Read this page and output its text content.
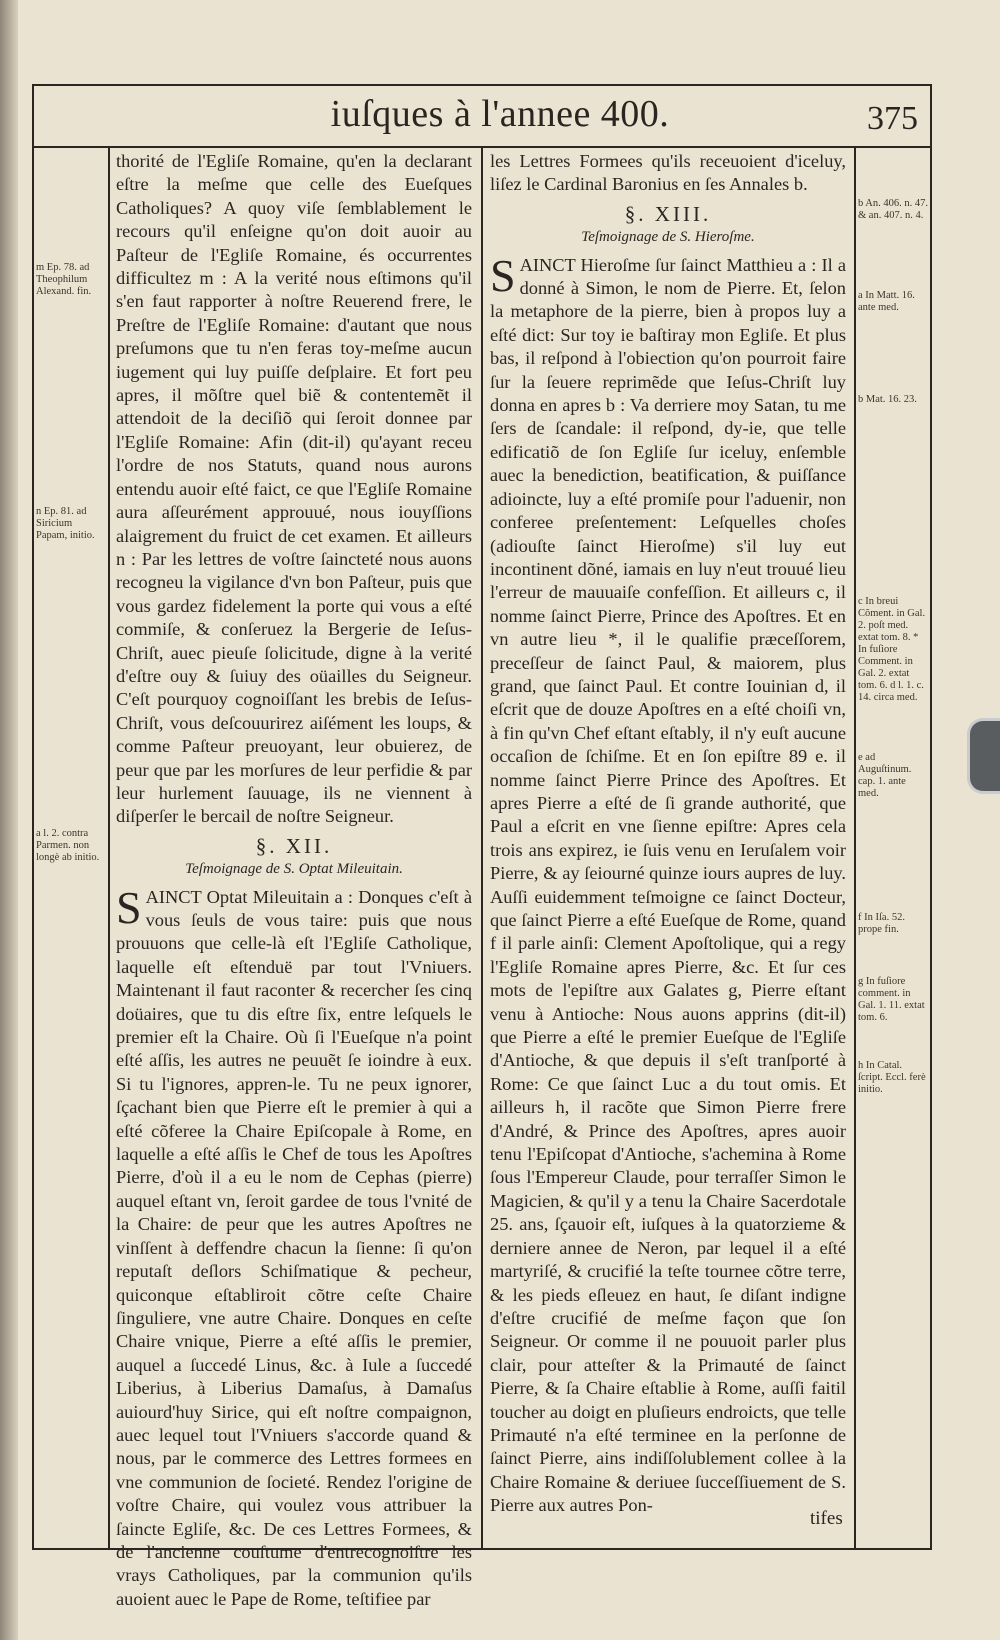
iuſques à l'annee 400.	375
m Ep. 78. ad Theophilum Alexand. fin.
n Ep. 81. ad Siricium Papam, initio.
a l. 2. contra Parmen. non longè ab initio.

thorité de l'Egliſe Romaine, qu'en la declarant eſtre la meſme que celle des Eueſques Catholiques? A quoy viſe ſemblablement le recours qu'il enſeigne qu'on doit auoir au Paſteur de l'Egliſe Romaine, és occurrentes difficultez m : A la verité nous eſtimons qu'il s'en faut rapporter à noſtre Reuerend frere, le Preſtre de l'Egliſe Romaine: d'autant que nous preſumons que tu n'en feras toy-meſme aucun iugement qui luy puiſſe deſplaire. Et fort peu apres, il mõſtre quel biẽ & contentemẽt il attendoit de la deciſiõ qui ſeroit donnee par l'Egliſe Romaine: Afin (dit-il) qu'ayant receu l'ordre de nos Statuts, quand nous aurons entendu auoir eſté faict, ce que l'Egliſe Romaine aura aſſeurément approuué, nous iouyſſions alaigrement du fruict de cet examen. Et ailleurs n : Par les lettres de voſtre ſainctеté nous auons recognеu la vigilance d'vn bon Paſteur, puis que vous gardez fidelement la porte qui vous a eſté commiſe, & conſeruez la Bergerie de Ieſus-Chriſt, auec pieuſe ſolicitude, digne à la verité d'eſtre ouy & ſuiuy des oüailles du Seigneur. C'eſt pourquoy cognoiſſant les brebis de Ieſus-Chriſt, vous deſcouurirez aiſément les loups, & comme Paſteur preuoyant, leur obuierez, de peur que par les morſures de leur perfidie & par leur hurlement ſauuage, ils ne viennent à diſperſer le bercail de noſtre Seigneur.

§. XII.
Teſmoignage de S. Optat Mileuitain.

SAINCT Optat Mileuitain a : Donques c'eſt à vous ſeuls de vous taire: puis que nous prouuons que celle-là eſt l'Egliſe Catholique, laquelle eſt eſtenduë par tout l'Vniuers. Maintenant il faut raconter & recercher ſes cinq doüaires, que tu dis eſtre ſix, entre leſquels le premier eſt la Chaire. Où ſi l'Eueſque n'a point eſté aſſis, les autres ne peuuẽt ſe ioindre à eux. Si tu l'ignores, appren-le. Tu ne peux ignorer, ſçachant bien que Pierre eſt le premier à qui a eſté cõferee la Chaire Epiſcopale à Rome, en laquelle a eſté aſſis le Chef de tous les Apoſtres Pierre, d'où il a eu le nom de Cephas (pierre) auquel eſtant vn, ſeroit gardee de tous l'vnité de la Chaire: de peur que les autres Apoſtres ne vinſſent à deffendre chacun la ſienne: ſi qu'on reputaſt deſlors Schiſmatique & pecheur, quiconque eſtabliroit cõtre ceſte Chaire ſinguliere, vne autre Chaire. Donques en ceſte Chaire vnique, Pierre a eſté aſſis le premier, auquel a ſuccedé Linus, &c. à Iule a ſuccedé Liberius, à Liberius Damaſus, à Damaſus auiourd'huy Sirice, qui eſt noſtre compaignon, auec lequel tout l'Vniuers s'accorde quand & nous, par le commerce des Lettres formees en vne communion de ſocieté. Rendez l'origine de voſtre Chaire, qui voulez vous attribuer la ſaincte Egliſe, &c. De ces Lettres Formees, & de l'ancienne couſtume d'entrecognoiſtre les vrays Catholiques, par la communion qu'ils auoient auec le Pape de Rome, teſtifiee par

les Lettres Formees qu'ils receuoient d'iceluy, liſez le Cardinal Baronius en ſes Annales b.

§. XIII.
Teſmoignage de S. Hieroſme.

SAINCT Hieroſme ſur ſainct Matthieu a : Il a donné à Simon, le nom de Pierre. Et, ſelon la metaphore de la pierre, bien à propos luy a eſté dict: Sur toy ie baſtiray mon Egliſe. Et plus bas, il reſpond à l'obiection qu'on pourroit faire ſur la ſeuere reprimẽde que Ieſus-Chriſt luy donna en apres b : Va derriere moy Satan, tu me ſers de ſcandale: il reſpond, dy-ie, que telle edificatiõ de ſon Egliſe ſur iceluy, enſemble auec la benediction, beatification, & puiſſance adioincte, luy a eſté promiſe pour l'aduenir, non conferee preſentement: Leſquelles choſes (adiouſte ſainct Hieroſme) s'il luy eut incontinent dõné, iamais en luy n'eut trouué lieu l'erreur de mauuaiſe confeſſion. Et ailleurs c, il nomme ſainct Pierre, Prince des Apoſtres. Et en vn autre lieu *, il le qualifie præceſſorem, preceſſeur de ſainct Paul, & maiorem, plus grand, que ſainct Paul. Et contre Iouinian d, il eſcrit que de douze Apoſtres en a eſté choiſi vn, à fin qu'vn Chef eſtant eſtably, il n'y euſt aucune occaſion de ſchiſme. Et en ſon epiſtre 89 e. il nomme ſainct Pierre Prince des Apoſtres. Et apres Pierre a eſté de ſi grande authorité, que Paul a eſcrit en vne ſienne epiſtre: Apres cela trois ans expirez, ie ſuis venu en Ieruſalem voir Pierre, & ay ſeiourné quinze iours aupres de luy. Auſſi euidemment teſmoigne ce ſainct Docteur, que ſainct Pierre a eſté Eueſque de Rome, quand f il parle ainſi: Clement Apoſtolique, qui a regy l'Egliſe Romaine apres Pierre, &c. Et ſur ces mots de l'epiſtre aux Galates g, Pierre eſtant venu à Antioche: Nous auons apprins (dit-il) que Pierre a eſté le premier Eueſque de l'Egliſe d'Antioche, & que depuis il s'eſt tranſporté à Rome: Ce que ſainct Luc a du tout omis. Et ailleurs h, il racõte que Simon Pierre frere d'André, & Prince des Apoſtres, apres auoir tenu l'Epiſcopat d'Antioche, s'achemina à Rome ſous l'Empereur Claude, pour terraſſer Simon le Magicien, & qu'il y a tenu la Chaire Sacerdotale 25. ans, ſçauoir eſt, iuſques à la quatorzieme & derniere annee de Neron, par lequel il a eſté martyriſé, & crucifié la teſte tournee cõtre terre, & les pieds eſleuez en haut, ſe diſant indigne d'eſtre crucifié de meſme façon que ſon Seigneur. Or comme il ne pouuoit parler plus clair, pour atteſter & la Primauté de ſainct Pierre, & ſa Chaire eſtablie à Rome, auſſi faitil toucher au doigt en pluſieurs endroicts, que telle Primauté n'a eſté terminee en la perſonne de ſainct Pierre, ains indiſſolublement colleе à la Chaire Romaine & deriuee ſucceſſiuement de S. Pierre aux autres Pon-

b An. 406. n. 47. & an. 407. n. 4.
a In Matt. 16. ante med.
b Mat. 16. 23.
c In breui Cõment. in Gal. 2. poſt med. extat tom. 8. * In fuſiore Comment. in Gal. 2. extat tom. 6. d l. 1. c. 14. circa med.
e ad Auguſtinum. cap. 1. ante med.
f In Iſa. 52. prope fin.
g In fuſiore comment. in Gal. 1. 11. extat tom. 6.
h In Catal. ſcript. Eccl. ferè initio.
tifes
